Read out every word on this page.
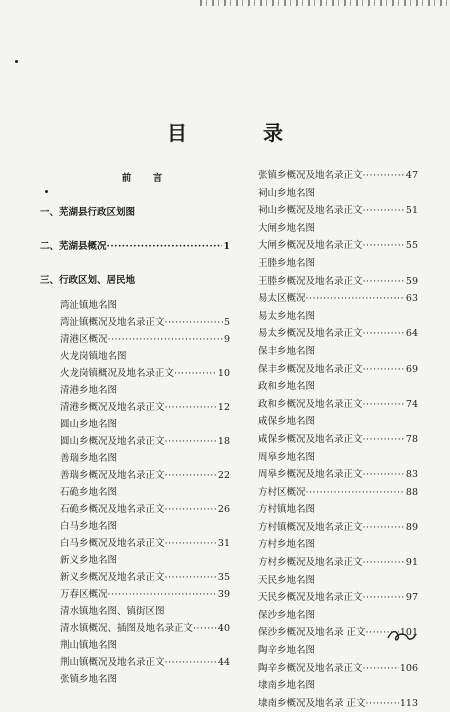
目　录
前　言
一、芜湖县行政区划图
二、芜湖县概况 ·····	1
三、行政区划、居民地
湾沚镇地名图
湾沚镇概况及地名录正文 ·····	5
清港区概况 ·····	9
火龙岗镇地名图
火龙岗镇概况及地名录正文 ·····	10
清港乡地名图
清港乡概况及地名录正文 ·····	12
圆山乡地名图
圆山乡概况及地名录正文 ·····	18
善瑞乡地名图
善瑞乡概况及地名录正文 ·····	22
石硊乡地名图
石硊乡概况及地名录正文 ·····	26
白马乡地名图
白马乡概况及地名录正文 ·····	31
新义乡地名图
新义乡概况及地名录正文 ·····	35
万春区概况 ·····	39
清水镇地名图、镇街区图
清水镇概况、插图及地名录正文 ·····	40
荆山镇地名图
荆山镇概况及地名录正文 ·····	44
张镇乡地名图
张镇乡概况及地名录正文 ·····	47
祠山乡地名图
祠山乡概况及地名录正文 ·····	51
大闸乡地名图
大闸乡概况及地名录正文 ·····	55
王塍乡地名图
王塍乡概况及地名录正文 ·····	59
易太区概况 ·····	63
易太乡地名图
易太乡概况及地名录正文 ·····	64
保丰乡地名图
保丰乡概况及地名录正文 ·····	69
政和乡地名图
政和乡概况及地名录正文 ·····	74
咸保乡地名图
咸保乡概况及地名录正文 ·····	78
周皋乡地名图
周皋乡概况及地名录正文 ·····	83
方村区概况 ·····	88
方村镇地名图
方村镇概况及地名录正文 ·····	89
方村乡地名图
方村乡概况及地名录正文 ·····	91
天民乡地名图
天民乡概况及地名录正文 ·····	97
保沙乡地名图
保沙乡概况及地名录 正文 ·····	101
陶辛乡地名图
陶辛乡概况及地名录正文 ·····	106
埭南乡地名图
埭南乡概况及地名录 正文 ·····	113
